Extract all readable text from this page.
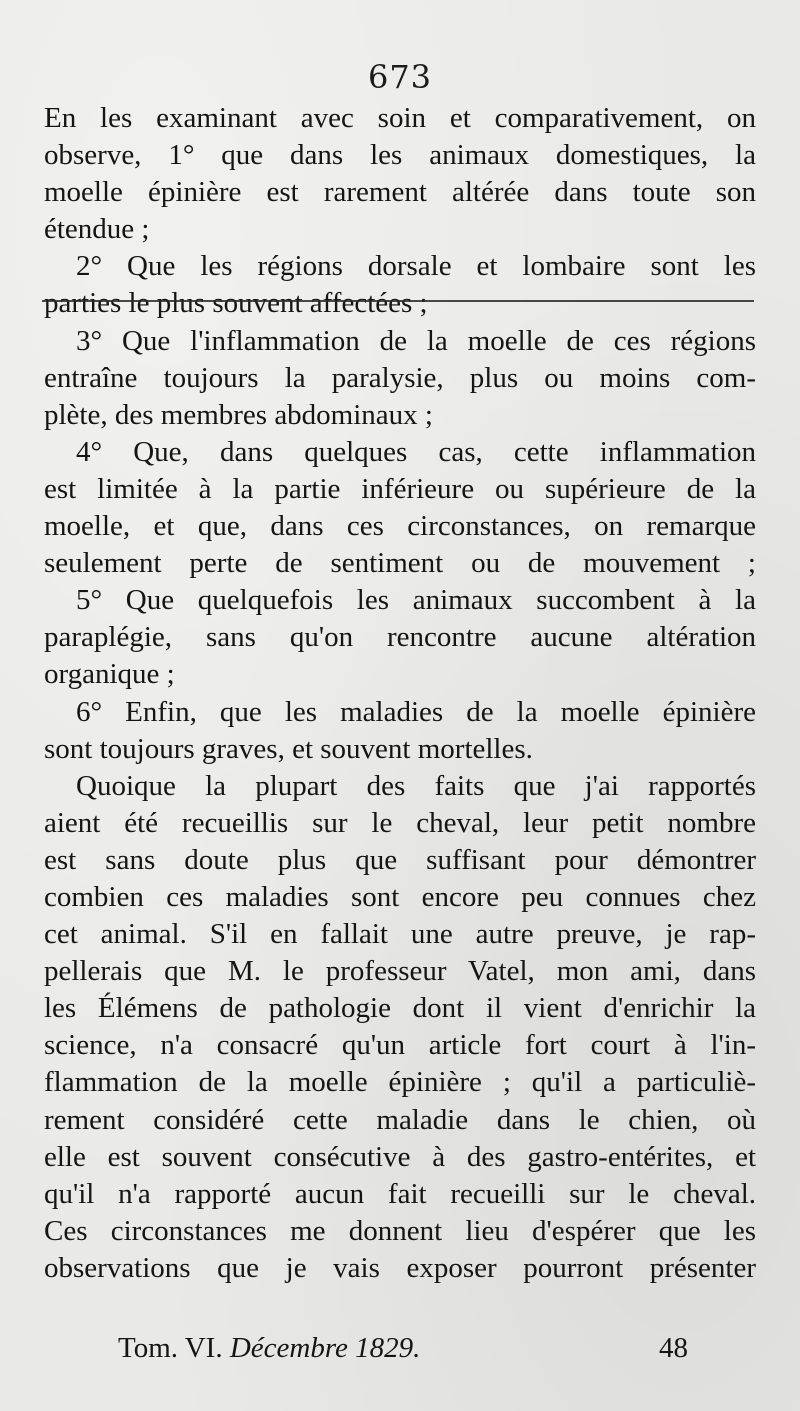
673
En les examinant avec soin et comparativement, on
observe, 1° que dans les animaux domestiques, la
moelle épinière est rarement altérée dans toute son
étendue ;
2° Que les régions dorsale et lombaire sont les
parties le plus souvent affectées ;
3° Que l'inflammation de la moelle de ces régions
entraîne toujours la paralysie, plus ou moins com-
plète, des membres abdominaux ;
4° Que, dans quelques cas, cette inflammation
est limitée à la partie inférieure ou supérieure de la
moelle, et que, dans ces circonstances, on remarque
seulement perte de sentiment ou de mouvement ;
5° Que quelquefois les animaux succombent à la
paraplégie, sans qu'on rencontre aucune altération
organique ;
6° Enfin, que les maladies de la moelle épinière
sont toujours graves, et souvent mortelles.
Quoique la plupart des faits que j'ai rapportés
aient été recueillis sur le cheval, leur petit nombre
est sans doute plus que suffisant pour démontrer
combien ces maladies sont encore peu connues chez
cet animal. S'il en fallait une autre preuve, je rap-
pellerais que M. le professeur Vatel, mon ami, dans
les Élémens de pathologie dont il vient d'enrichir la
science, n'a consacré qu'un article fort court à l'in-
flammation de la moelle épinière ; qu'il a particuliè-
rement considéré cette maladie dans le chien, où
elle est souvent consécutive à des gastro-entérites, et
qu'il n'a rapporté aucun fait recueilli sur le cheval.
Ces circonstances me donnent lieu d'espérer que les
observations que je vais exposer pourront présenter
Tom. VI. Décembre 1829.	48
